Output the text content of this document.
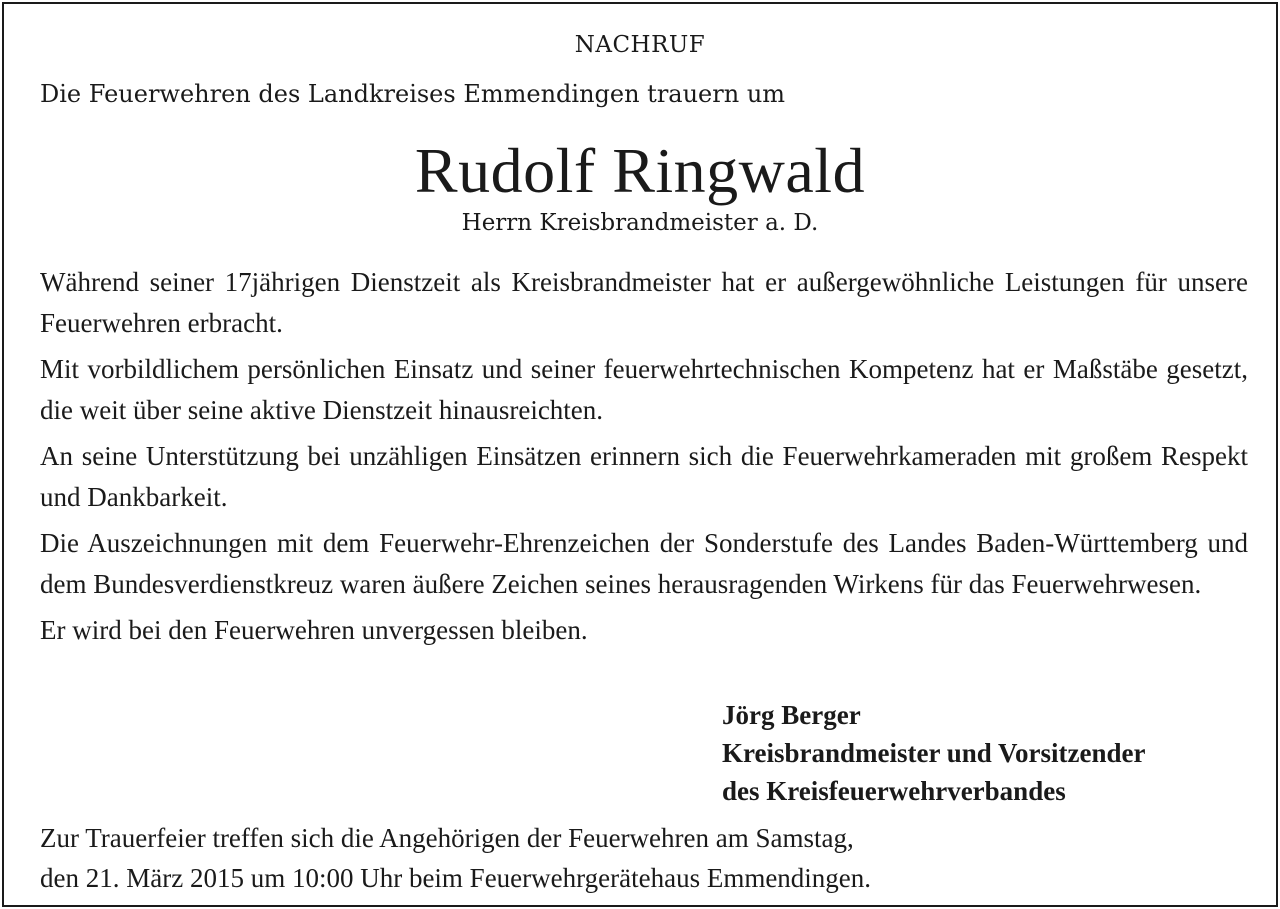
NACHRUF
Die Feuerwehren des Landkreises Emmendingen trauern um
Rudolf Ringwald
Herrn Kreisbrandmeister a. D.

Während seiner 17jährigen Dienstzeit als Kreisbrandmeister hat er außergewöhnliche Leistungen für unsere Feuerwehren erbracht.

Mit vorbildlichem persönlichen Einsatz und seiner feuerwehrtechnischen Kompetenz hat er Maßstäbe gesetzt, die weit über seine aktive Dienstzeit hinausreichten.

An seine Unterstützung bei unzähligen Einsätzen erinnern sich die Feuerwehrkameraden mit großem Respekt und Dankbarkeit.

Die Auszeichnungen mit dem Feuerwehr-Ehrenzeichen der Sonderstufe des Landes Baden-Württemberg und dem Bundesverdienstkreuz waren äußere Zeichen seines herausragenden Wirkens für das Feuerwehrwesen.

Er wird bei den Feuerwehren unvergessen bleiben.

Jörg Berger
Kreisbrandmeister und Vorsitzender
des Kreisfeuerwehrverbandes
Zur Trauerfeier treffen sich die Angehörigen der Feuerwehren am Samstag,
den 21. März 2015 um 10:00 Uhr beim Feuerwehrgerätehaus Emmendingen.
